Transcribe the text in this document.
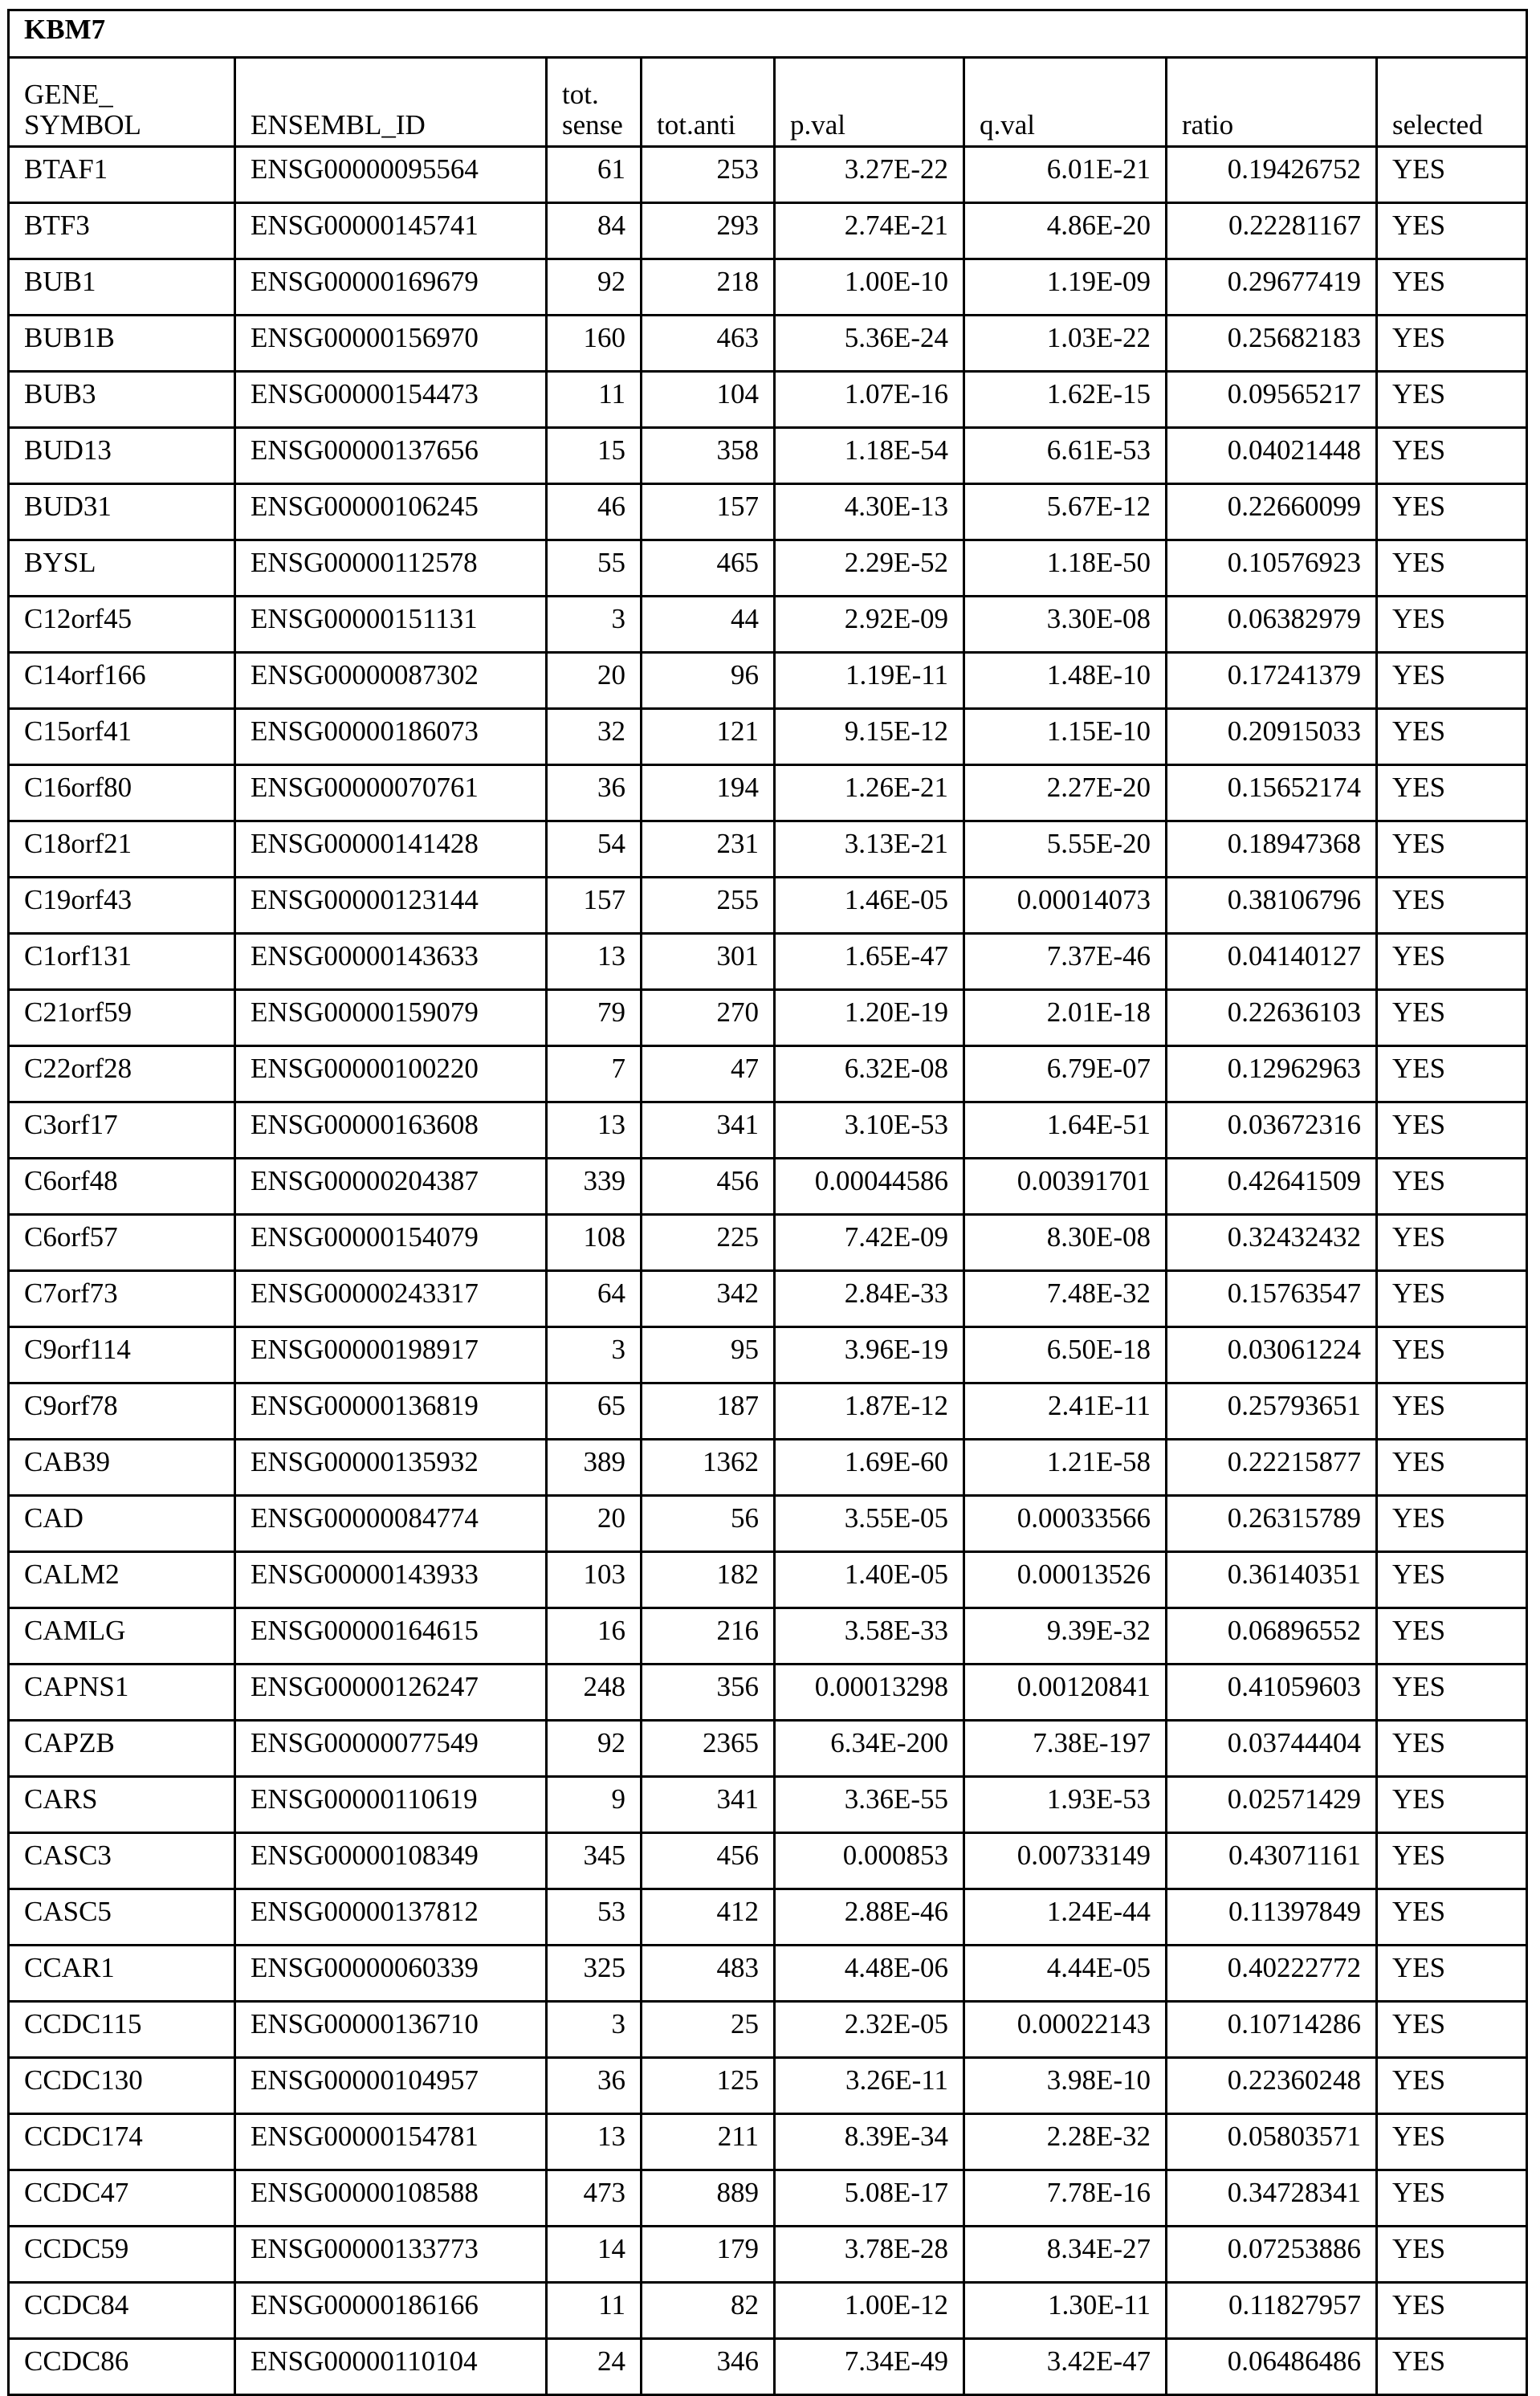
KBM7
GENE_ SYMBOL	ENSEMBL_ID	tot. sense	tot.anti	p.val	q.val	ratio	selected
BTAF1	ENSG00000095564	61	253	3.27E-22	6.01E-21	0.19426752	YES
BTF3	ENSG00000145741	84	293	2.74E-21	4.86E-20	0.22281167	YES
BUB1	ENSG00000169679	92	218	1.00E-10	1.19E-09	0.29677419	YES
BUB1B	ENSG00000156970	160	463	5.36E-24	1.03E-22	0.25682183	YES
BUB3	ENSG00000154473	11	104	1.07E-16	1.62E-15	0.09565217	YES
BUD13	ENSG00000137656	15	358	1.18E-54	6.61E-53	0.04021448	YES
BUD31	ENSG00000106245	46	157	4.30E-13	5.67E-12	0.22660099	YES
BYSL	ENSG00000112578	55	465	2.29E-52	1.18E-50	0.10576923	YES
C12orf45	ENSG00000151131	3	44	2.92E-09	3.30E-08	0.06382979	YES
C14orf166	ENSG00000087302	20	96	1.19E-11	1.48E-10	0.17241379	YES
C15orf41	ENSG00000186073	32	121	9.15E-12	1.15E-10	0.20915033	YES
C16orf80	ENSG00000070761	36	194	1.26E-21	2.27E-20	0.15652174	YES
C18orf21	ENSG00000141428	54	231	3.13E-21	5.55E-20	0.18947368	YES
C19orf43	ENSG00000123144	157	255	1.46E-05	0.00014073	0.38106796	YES
C1orf131	ENSG00000143633	13	301	1.65E-47	7.37E-46	0.04140127	YES
C21orf59	ENSG00000159079	79	270	1.20E-19	2.01E-18	0.22636103	YES
C22orf28	ENSG00000100220	7	47	6.32E-08	6.79E-07	0.12962963	YES
C3orf17	ENSG00000163608	13	341	3.10E-53	1.64E-51	0.03672316	YES
C6orf48	ENSG00000204387	339	456	0.00044586	0.00391701	0.42641509	YES
C6orf57	ENSG00000154079	108	225	7.42E-09	8.30E-08	0.32432432	YES
C7orf73	ENSG00000243317	64	342	2.84E-33	7.48E-32	0.15763547	YES
C9orf114	ENSG00000198917	3	95	3.96E-19	6.50E-18	0.03061224	YES
C9orf78	ENSG00000136819	65	187	1.87E-12	2.41E-11	0.25793651	YES
CAB39	ENSG00000135932	389	1362	1.69E-60	1.21E-58	0.22215877	YES
CAD	ENSG00000084774	20	56	3.55E-05	0.00033566	0.26315789	YES
CALM2	ENSG00000143933	103	182	1.40E-05	0.00013526	0.36140351	YES
CAMLG	ENSG00000164615	16	216	3.58E-33	9.39E-32	0.06896552	YES
CAPNS1	ENSG00000126247	248	356	0.00013298	0.00120841	0.41059603	YES
CAPZB	ENSG00000077549	92	2365	6.34E-200	7.38E-197	0.03744404	YES
CARS	ENSG00000110619	9	341	3.36E-55	1.93E-53	0.02571429	YES
CASC3	ENSG00000108349	345	456	0.000853	0.00733149	0.43071161	YES
CASC5	ENSG00000137812	53	412	2.88E-46	1.24E-44	0.11397849	YES
CCAR1	ENSG00000060339	325	483	4.48E-06	4.44E-05	0.40222772	YES
CCDC115	ENSG00000136710	3	25	2.32E-05	0.00022143	0.10714286	YES
CCDC130	ENSG00000104957	36	125	3.26E-11	3.98E-10	0.22360248	YES
CCDC174	ENSG00000154781	13	211	8.39E-34	2.28E-32	0.05803571	YES
CCDC47	ENSG00000108588	473	889	5.08E-17	7.78E-16	0.34728341	YES
CCDC59	ENSG00000133773	14	179	3.78E-28	8.34E-27	0.07253886	YES
CCDC84	ENSG00000186166	11	82	1.00E-12	1.30E-11	0.11827957	YES
CCDC86	ENSG00000110104	24	346	7.34E-49	3.42E-47	0.06486486	YES
